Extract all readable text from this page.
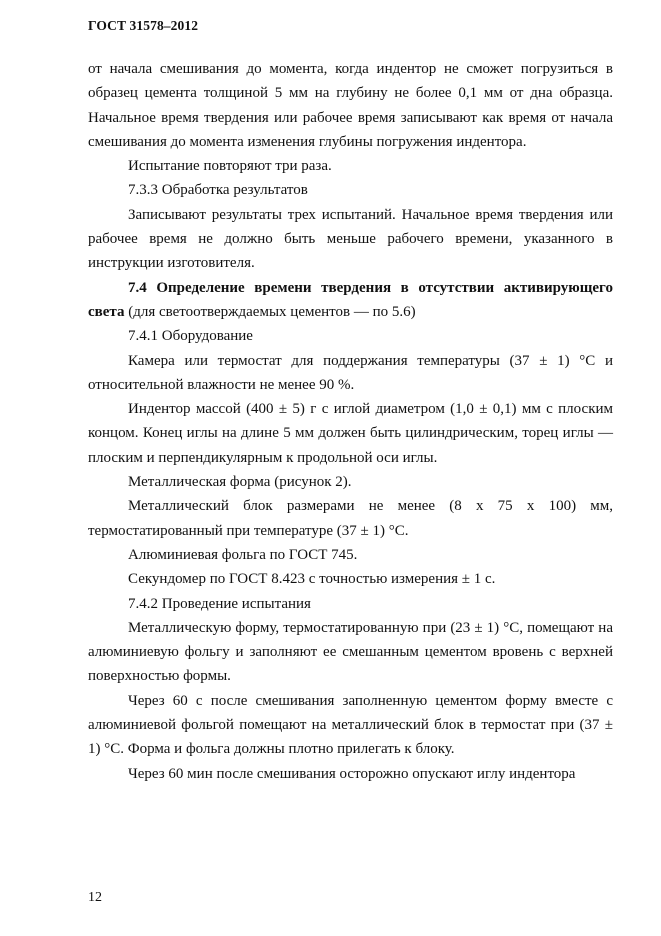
ГОСТ 31578–2012

от начала смешивания до момента, когда индентор не сможет погрузиться в образец цемента толщиной 5 мм на глубину не более 0,1 мм от дна образца. Начальное время твердения или рабочее время записывают как время от начала смешивания до момента изменения глубины погружения индентора.

Испытание повторяют три раза.

7.3.3 Обработка результатов

Записывают результаты трех испытаний. Начальное время твердения или рабочее время не должно быть меньше рабочего времени, указанного в инструкции изготовителя.

7.4 Определение времени твердения в отсутствии активирующего света (для светоотверждаемых цементов — по 5.6)

7.4.1 Оборудование

Камера или термостат для поддержания температуры (37 ± 1) °С и относительной влажности не менее 90 %.

Индентор массой (400 ± 5) г с иглой диаметром (1,0 ± 0,1) мм с плоским концом. Конец иглы на длине 5 мм должен быть цилиндрическим, торец иглы — плоским и перпендикулярным к продольной оси иглы.

Металлическая форма (рисунок 2).

Металлический блок размерами не менее (8 х 75 х 100) мм, термостатированный при температуре (37 ± 1) °С.

Алюминиевая фольга по ГОСТ 745.

Секундомер по ГОСТ 8.423 с точностью измерения ± 1 с.

7.4.2 Проведение испытания

Металлическую форму, термостатированную при (23 ± 1) °С, помещают на алюминиевую фольгу и заполняют ее смешанным цементом вровень с верхней поверхностью формы.

Через 60 с после смешивания заполненную цементом форму вместе с алюминиевой фольгой помещают на металлический блок в термостат при (37 ± 1) °С. Форма и фольга должны плотно прилегать к блоку.

Через 60 мин после смешивания осторожно опускают иглу индентора

12
